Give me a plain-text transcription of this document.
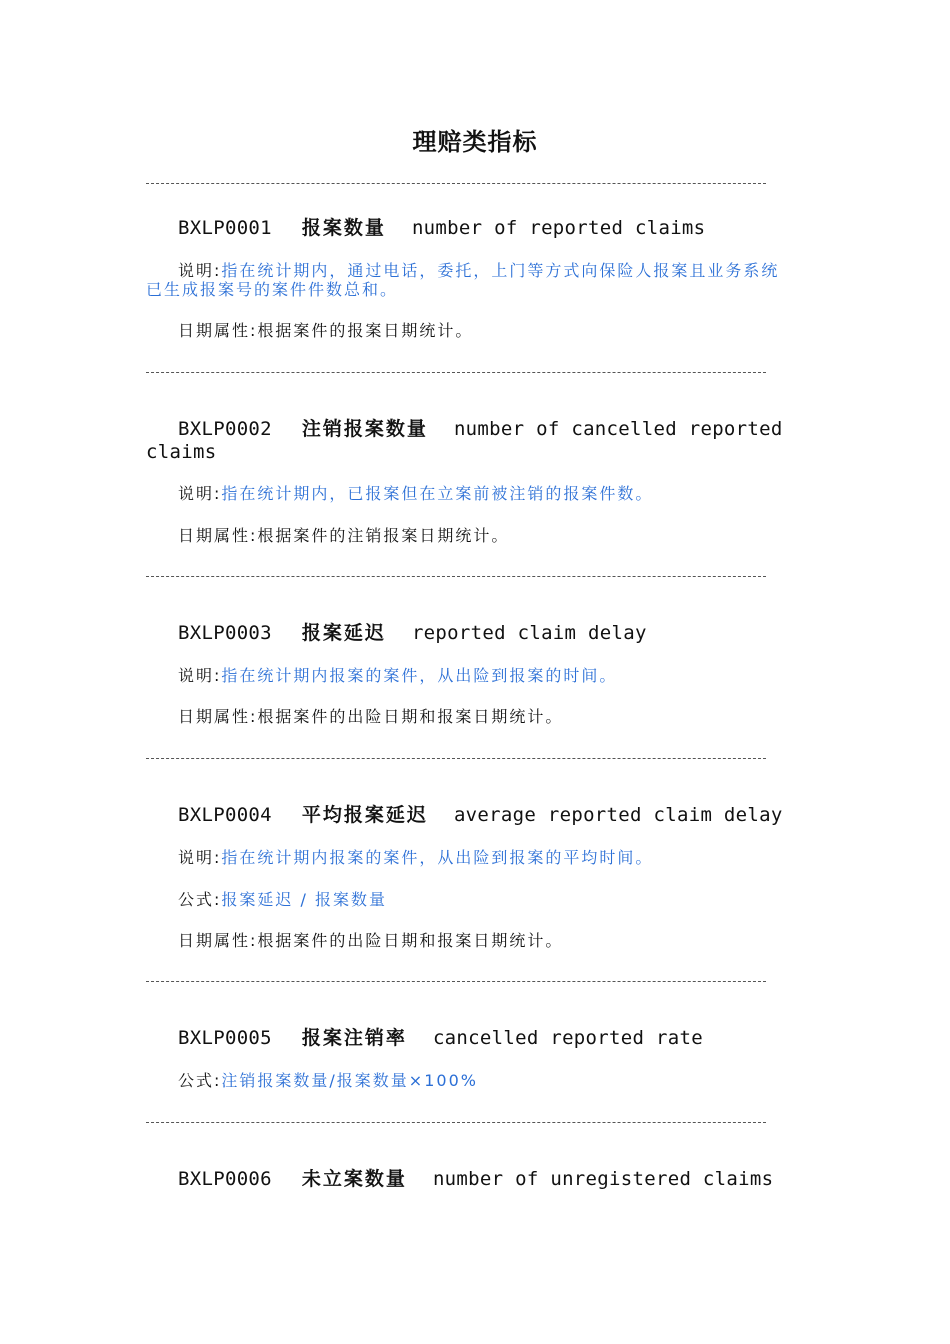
理赔类指标
BXLP0001 报案数量 number of reported claims
说明:指在统计期内，通过电话，委托，上门等方式向保险人报案且业务系统已生成报案号的案件件数总和。
日期属性:根据案件的报案日期统计。
BXLP0002 注销报案数量 number of cancelled reported claims
说明:指在统计期内，已报案但在立案前被注销的报案件数。
日期属性:根据案件的注销报案日期统计。
BXLP0003 报案延迟 reported claim delay
说明:指在统计期内报案的案件，从出险到报案的时间。
日期属性:根据案件的出险日期和报案日期统计。
BXLP0004 平均报案延迟 average reported claim delay
说明:指在统计期内报案的案件，从出险到报案的平均时间。
公式:报案延迟 / 报案数量
日期属性:根据案件的出险日期和报案日期统计。
BXLP0005 报案注销率 cancelled reported rate
公式:注销报案数量/报案数量×100%
BXLP0006 未立案数量 number of unregistered claims
